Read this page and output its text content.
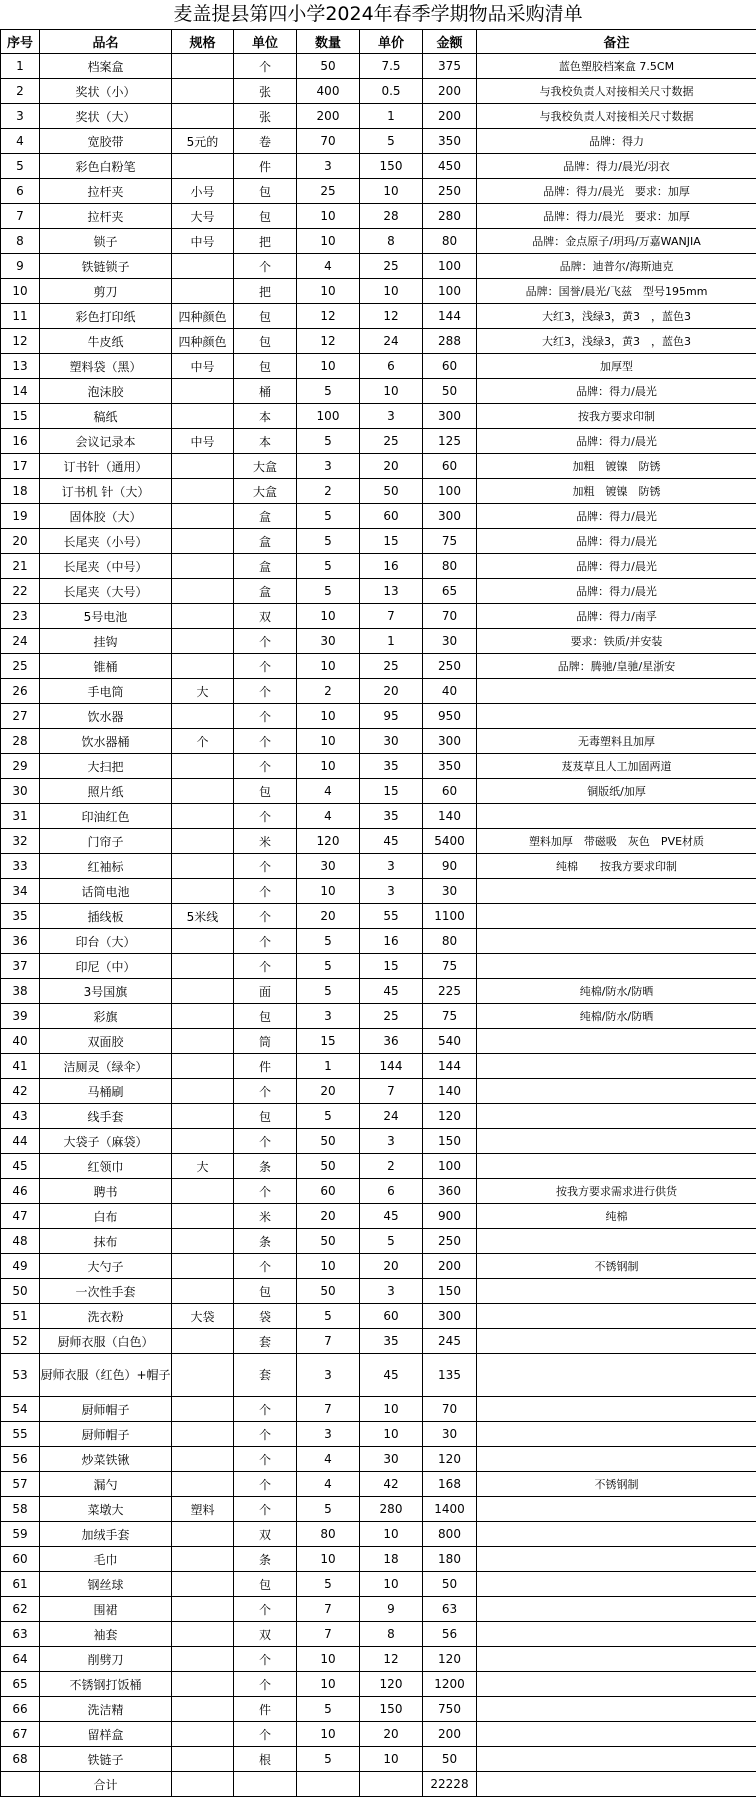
麦盖提县第四小学2024年春季学期物品采购清单
序号	品名	规格	单位	数量	单价	金额	备注
1	档案盒		个	50	7.5	375	蓝色塑胶档案盒 7.5CM
2	奖状（小）		张	400	0.5	200	与我校负责人对接相关尺寸数据
3	奖状（大）		张	200	1	200	与我校负责人对接相关尺寸数据
4	宽胶带	5元的	卷	70	5	350	品牌：得力
5	彩色白粉笔		件	3	150	450	品牌：得力/晨光/羽衣
6	拉杆夹	小号	包	25	10	250	品牌：得力/晨光　要求：加厚
7	拉杆夹	大号	包	10	28	280	品牌：得力/晨光　要求：加厚
8	锁子	中号	把	10	8	80	品牌：金点原子/玥玛/万嘉WANJIA
9	铁链锁子		个	4	25	100	品牌：迪普尔/海斯迪克
10	剪刀		把	10	10	100	品牌：国誉/晨光/飞兹　型号195mm
11	彩色打印纸	四种颜色	包	12	12	144	大红3，浅绿3，黄3　，蓝色3
12	牛皮纸	四种颜色	包	12	24	288	大红3，浅绿3，黄3　，蓝色3
13	塑料袋（黑）	中号	包	10	6	60	加厚型
14	泡沫胶		桶	5	10	50	品牌：得力/晨光
15	稿纸		本	100	3	300	按我方要求印制
16	会议记录本	中号	本	5	25	125	品牌：得力/晨光
17	订书针（通用）		大盒	3	20	60	加粗　镀镍　防锈
18	订书机 针（大）		大盒	2	50	100	加粗　镀镍　防锈
19	固体胶（大）		盒	5	60	300	品牌：得力/晨光
20	长尾夹（小号）		盒	5	15	75	品牌：得力/晨光
21	长尾夹（中号）		盒	5	16	80	品牌：得力/晨光
22	长尾夹（大号）		盒	5	13	65	品牌：得力/晨光
23	5号电池		双	10	7	70	品牌：得力/南孚
24	挂钩		个	30	1	30	要求：铁质/并安装
25	锥桶		个	10	25	250	品牌：腾驰/皇驰/星浙安
26	手电筒	大	个	2	20	40	
27	饮水器		个	10	95	950	
28	饮水器桶	个	个	10	30	300	无毒塑料且加厚
29	大扫把		个	10	35	350	芨芨草且人工加固两道
30	照片纸		包	4	15	60	铜版纸/加厚
31	印油红色		个	4	35	140	
32	门帘子		米	120	45	5400	塑料加厚　带磁吸　灰色　PVE材质
33	红袖标		个	30	3	90	纯棉　　按我方要求印制
34	话筒电池		个	10	3	30	
35	插线板	5米线	个	20	55	1100	
36	印台（大）		个	5	16	80	
37	印尼（中）		个	5	15	75	
38	3号国旗		面	5	45	225	纯棉/防水/防晒
39	彩旗		包	3	25	75	纯棉/防水/防晒
40	双面胶		筒	15	36	540	
41	洁厕灵（绿伞）		件	1	144	144	
42	马桶刷		个	20	7	140	
43	线手套		包	5	24	120	
44	大袋子（麻袋）		个	50	3	150	
45	红领巾	大	条	50	2	100	
46	聘书		个	60	6	360	按我方要求需求进行供货
47	白布		米	20	45	900	纯棉
48	抹布		条	50	5	250	
49	大勺子		个	10	20	200	不锈钢制
50	一次性手套		包	50	3	150	
51	洗衣粉	大袋	袋	5	60	300	
52	厨师衣服（白色）		套	7	35	245	
53	厨师衣服（红色）+帽子		套	3	45	135	
54	厨师帽子		个	7	10	70	
55	厨师帽子		个	3	10	30	
56	炒菜铁锹		个	4	30	120	
57	漏勺		个	4	42	168	不锈钢制
58	菜墩大	塑料	个	5	280	1400	
59	加绒手套		双	80	10	800	
60	毛巾		条	10	18	180	
61	钢丝球		包	5	10	50	
62	围裙		个	7	9	63	
63	袖套		双	7	8	56	
64	削劈刀		个	10	12	120	
65	不锈钢打饭桶		个	10	120	1200	
66	洗洁精		件	5	150	750	
67	留样盒		个	10	20	200	
68	铁链子		根	5	10	50	
	合计					22228	
